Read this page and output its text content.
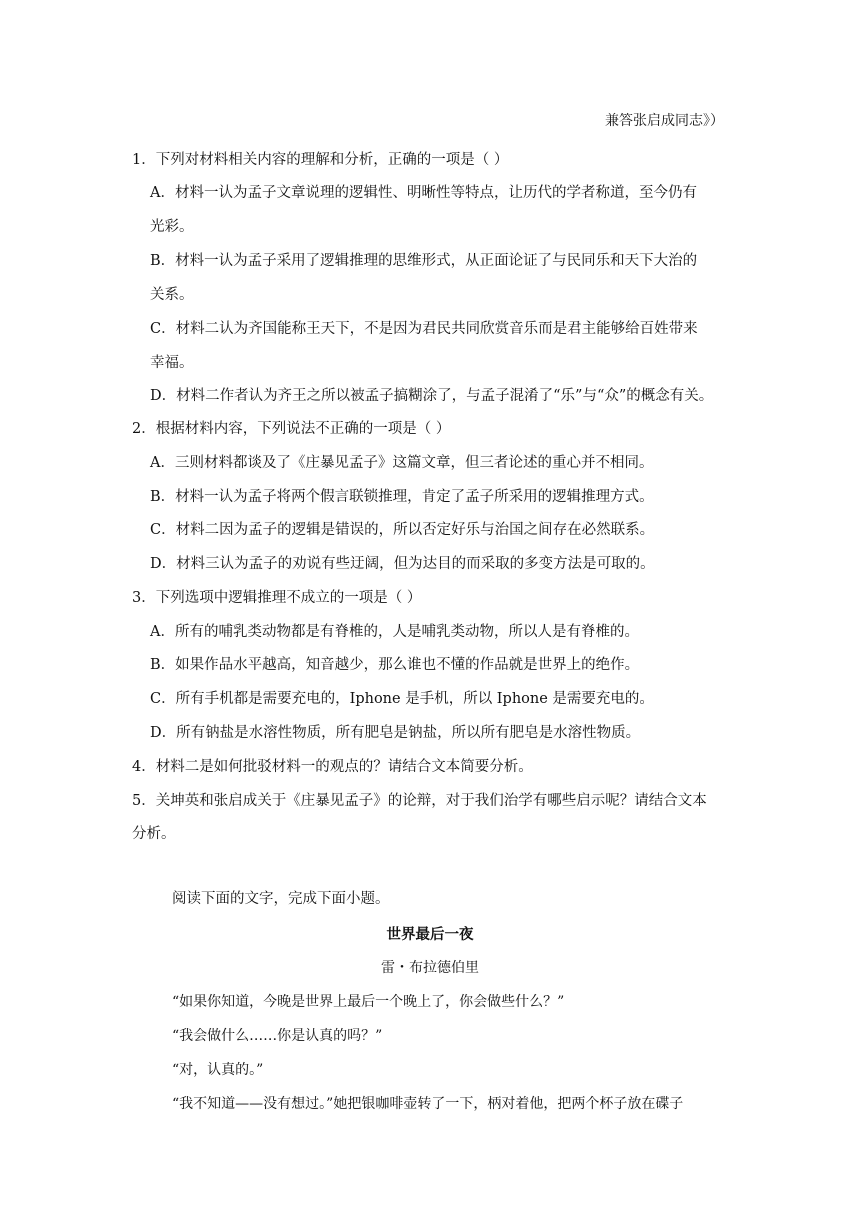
兼答张启成同志》）
1．下列对材料相关内容的理解和分析，正确的一项是（ ）
A．材料一认为孟子文章说理的逻辑性、明晰性等特点，让历代的学者称道，至今仍有
光彩。
B．材料一认为孟子采用了逻辑推理的思维形式，从正面论证了与民同乐和天下大治的
关系。
C．材料二认为齐国能称王天下，不是因为君民共同欣赏音乐而是君主能够给百姓带来
幸福。
D．材料二作者认为齐王之所以被孟子搞糊涂了，与孟子混淆了“乐”与“众”的概念有关。
2．根据材料内容，下列说法不正确的一项是（ ）
A．三则材料都谈及了《庄暴见孟子》这篇文章，但三者论述的重心并不相同。
B．材料一认为孟子将两个假言联锁推理，肯定了孟子所采用的逻辑推理方式。
C．材料二因为孟子的逻辑是错误的，所以否定好乐与治国之间存在必然联系。
D．材料三认为孟子的劝说有些迂阔，但为达目的而采取的多变方法是可取的。
3．下列选项中逻辑推理不成立的一项是（ ）
A．所有的哺乳类动物都是有脊椎的，人是哺乳类动物，所以人是有脊椎的。
B．如果作品水平越高，知音越少，那么谁也不懂的作品就是世界上的绝作。
C．所有手机都是需要充电的，Iphone 是手机，所以 Iphone 是需要充电的。
D．所有钠盐是水溶性物质，所有肥皂是钠盐，所以所有肥皂是水溶性物质。
4．材料二是如何批驳材料一的观点的？请结合文本简要分析。
5．关坤英和张启成关于《庄暴见孟子》的论辩，对于我们治学有哪些启示呢？请结合文本
分析。
阅读下面的文字，完成下面小题。
世界最后一夜
雷・布拉德伯里
“如果你知道，今晚是世界上最后一个晚上了，你会做些什么？”
“我会做什么……你是认真的吗？”
“对，认真的。”
“我不知道——没有想过。”她把银咖啡壶转了一下，柄对着他，把两个杯子放在碟子
